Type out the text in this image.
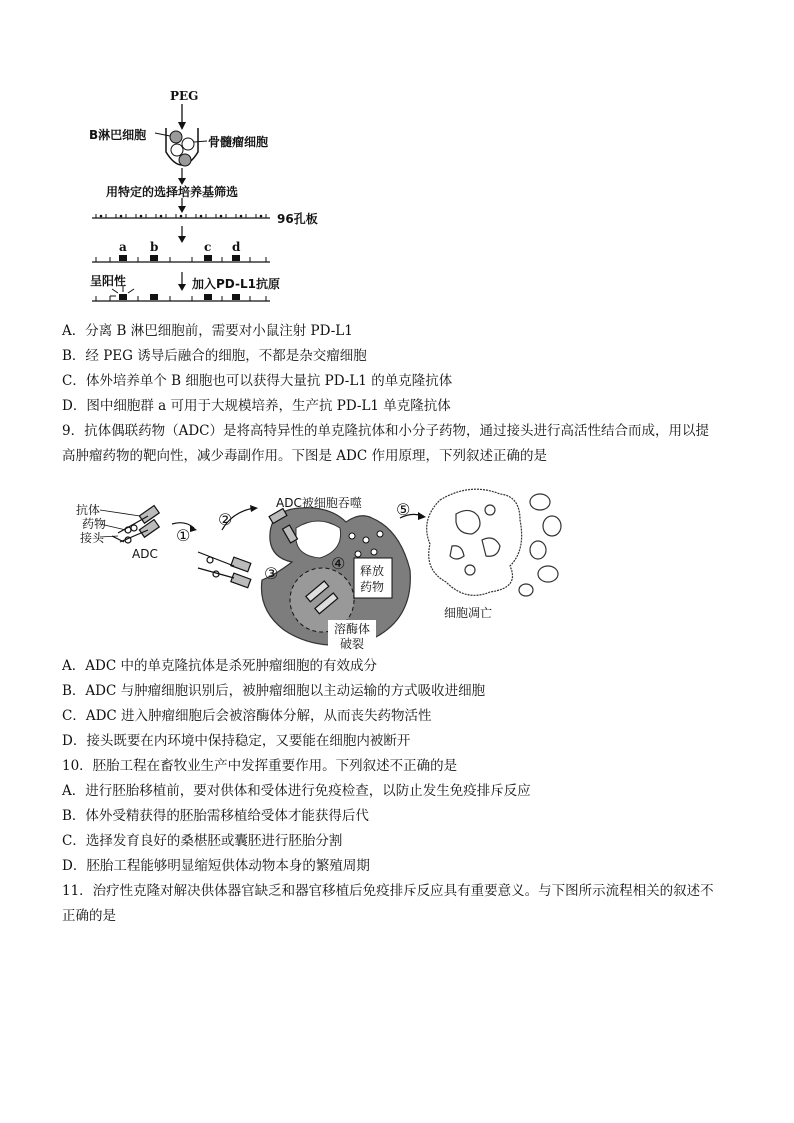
PEG
B淋巴细胞	骨髓瘤细胞
用特定的选择培养基筛选
96孔板
a b	c d
呈阳性	加入PD-L1抗原
A．分离 B 淋巴细胞前，需要对小鼠注射 PD-L1
B．经 PEG 诱导后融合的细胞，不都是杂交瘤细胞
C．体外培养单个 B 细胞也可以获得大量抗 PD-L1 的单克隆抗体
D．图中细胞群 a 可用于大规模培养，生产抗 PD-L1 单克隆抗体
9．抗体偶联药物（ADC）是将高特异性的单克隆抗体和小分子药物，通过接头进行高活性结合而成，用以提
高肿瘤药物的靶向性，减少毒副作用。下图是 ADC 作用原理，下列叙述正确的是
抗体
药物
接头
ADC
ADC被细胞吞噬
①
②
③
④
⑤
释放
药物
溶酶体
破裂
细胞凋亡
A．ADC 中的单克隆抗体是杀死肿瘤细胞的有效成分
B．ADC 与肿瘤细胞识别后，被肿瘤细胞以主动运输的方式吸收进细胞
C．ADC 进入肿瘤细胞后会被溶酶体分解，从而丧失药物活性
D．接头既要在内环境中保持稳定，又要能在细胞内被断开
10．胚胎工程在畜牧业生产中发挥重要作用。下列叙述不正确的是
A．进行胚胎移植前，要对供体和受体进行免疫检查，以防止发生免疫排斥反应
B．体外受精获得的胚胎需移植给受体才能获得后代
C．选择发育良好的桑椹胚或囊胚进行胚胎分割
D．胚胎工程能够明显缩短供体动物本身的繁殖周期
11．治疗性克隆对解决供体器官缺乏和器官移植后免疫排斥反应具有重要意义。与下图所示流程相关的叙述不
正确的是
